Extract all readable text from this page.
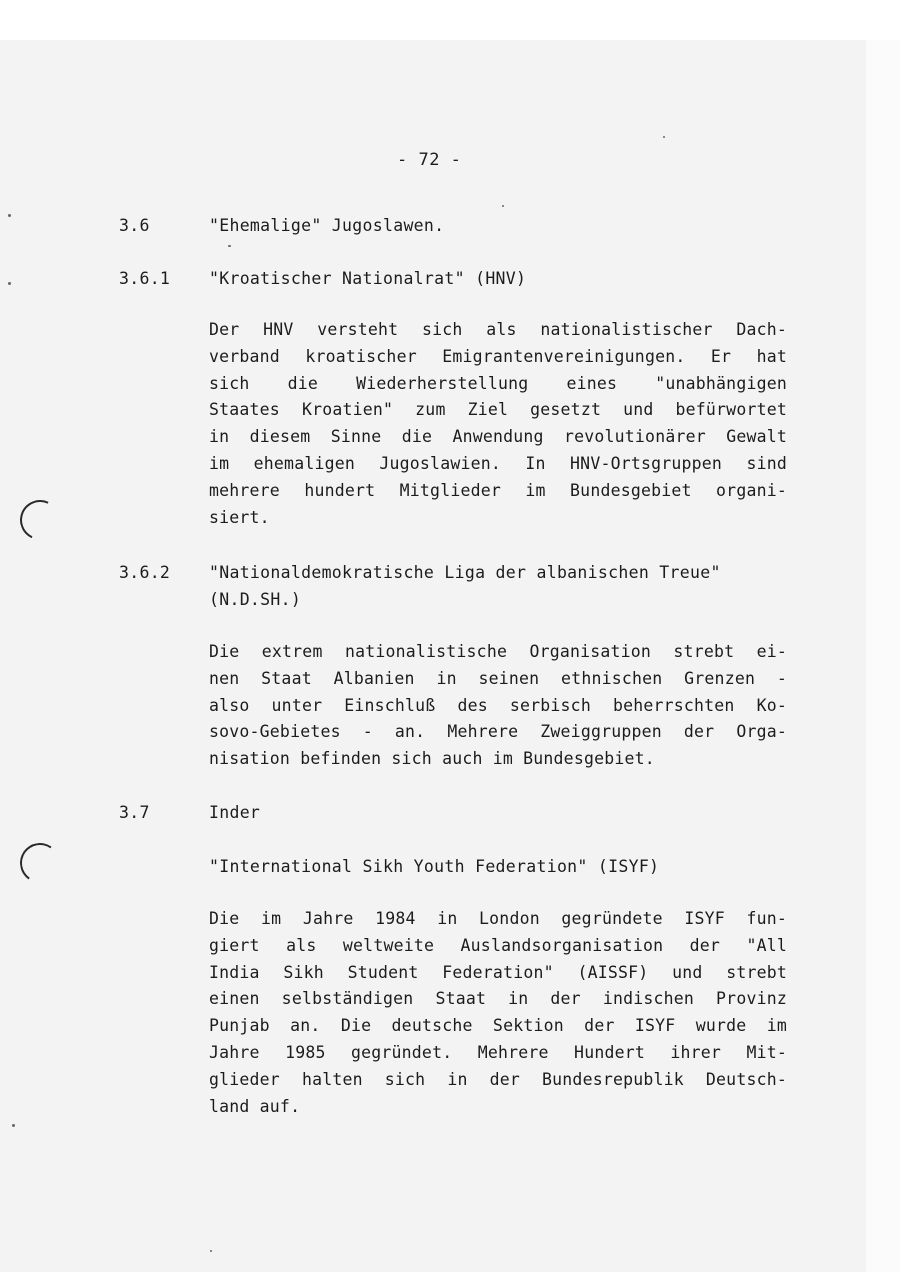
- 72 -
3.6	"Ehemalige" Jugoslawen.
3.6.1 "Kroatischer Nationalrat" (HNV)
Der HNV versteht sich als nationalistischer Dach-
verband kroatischer Emigrantenvereinigungen. Er hat
sich die Wiederherstellung eines "unabhängigen
Staates Kroatien" zum Ziel gesetzt und befürwortet
in diesem Sinne die Anwendung revolutionärer Gewalt
im ehemaligen Jugoslawien. In HNV-Ortsgruppen sind
mehrere hundert Mitglieder im Bundesgebiet organi-
siert.
3.6.2 "Nationaldemokratische Liga der albanischen Treue"
(N.D.SH.)
Die extrem nationalistische Organisation strebt ei-
nen Staat Albanien in seinen ethnischen Grenzen -
also unter Einschluß des serbisch beherrschten Ko-
sovo-Gebietes - an. Mehrere Zweiggruppen der Orga-
nisation befinden sich auch im Bundesgebiet.
3.7	Inder
"International Sikh Youth Federation" (ISYF)
Die im Jahre 1984 in London gegründete ISYF fun-
giert als weltweite Auslandsorganisation der "All
India Sikh Student Federation" (AISSF) und strebt
einen selbständigen Staat in der indischen Provinz
Punjab an. Die deutsche Sektion der ISYF wurde im
Jahre 1985 gegründet. Mehrere Hundert ihrer Mit-
glieder halten sich in der Bundesrepublik Deutsch-
land auf.
